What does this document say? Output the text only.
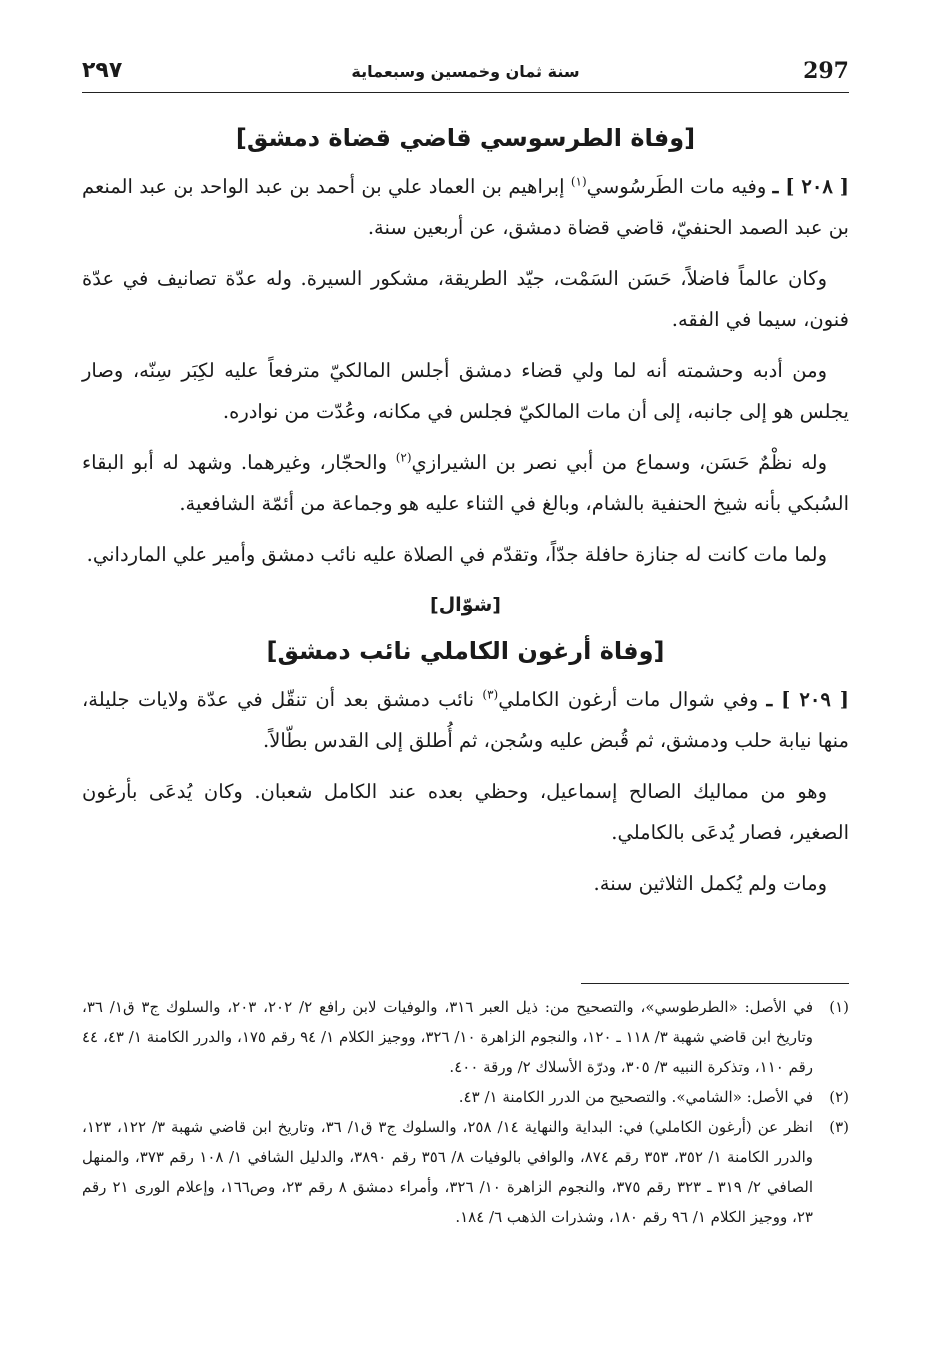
297
سنة ثمان وخمسين وسبعماية
٢٩٧
[وفاة الطرسوسي قاضي قضاة دمشق]

[ ٢٠٨ ] ـ وفيه مات الطَرسُوسي$^{(١)}$ إبراهيم بن العماد علي بن أحمد بن عبد الواحد بن عبد المنعم بن عبد الصمد الحنفيّ، قاضي قضاة دمشق، عن أربعين سنة.

وكان عالماً فاضلاً، حَسَن السَمْت، جيّد الطريقة، مشكور السيرة. وله عدّة تصانيف في عدّة فنون، سيما في الفقه.

ومن أدبه وحشمته أنه لما ولي قضاء دمشق أجلس المالكيّ مترفعاً عليه لكِبَر سِنّه، وصار يجلس هو إلى جانبه، إلى أن مات المالكيّ فجلس في مكانه، وعُدّت من نوادره.

وله نظْمٌ حَسَن، وسماع من أبي نصر بن الشيرازي$^{(٢)}$ والحجّار، وغيرهما. وشهد له أبو البقاء السُبكي بأنه شيخ الحنفية بالشام، وبالغ في الثناء عليه هو وجماعة من أئمّة الشافعية.

ولما مات كانت له جنازة حافلة جدّاً، وتقدّم في الصلاة عليه نائب دمشق وأمير علي المارداني.

[شوّال]
[وفاة أرغون الكاملي نائب دمشق]

[ ٢٠٩ ] ـ وفي شوال مات أرغون الكاملي$^{(٣)}$ نائب دمشق بعد أن تنقّل في عدّة ولايات جليلة، منها نيابة حلب ودمشق، ثم قُبض عليه وسُجن، ثم أُطلق إلى القدس بطّالاً.

وهو من مماليك الصالح إسماعيل، وحظي بعده عند الكامل شعبان. وكان يُدعَى بأرغون الصغير، فصار يُدعَى بالكاملي.

ومات ولم يُكمل الثلاثين سنة.

(١)
في الأصل: «الطرطوسي»، والتصحيح من: ذيل العبر ٣١٦، والوفيات لابن رافع ٢/ ٢٠٢، ٢٠٣، والسلوك ج٣ ق١/ ٣٦، وتاريخ ابن قاضي شهبة ٣/ ١١٨ ـ ١٢٠، والنجوم الزاهرة ١٠/ ٣٢٦، ووجيز الكلام ١/ ٩٤ رقم ١٧٥، والدرر الكامنة ١/ ٤٣، ٤٤ رقم ١١٠، وتذكرة النبيه ٣/ ٣٠٥، ودرّة الأسلاك ٢/ ورقة ٤٠٠.
(٢)
في الأصل: «الشامي». والتصحيح من الدرر الكامنة ١/ ٤٣.
(٣)
انظر عن (أرغون الكاملي) في: البداية والنهاية ١٤/ ٢٥٨، والسلوك ج٣ ق١/ ٣٦، وتاريخ ابن قاضي شهبة ٣/ ١٢٢، ١٢٣، والدرر الكامنة ١/ ٣٥٢، ٣٥٣ رقم ٨٧٤، والوافي بالوفيات ٨/ ٣٥٦ رقم ٣٨٩٠، والدليل الشافي ١/ ١٠٨ رقم ٣٧٣، والمنهل الصافي ٢/ ٣١٩ ـ ٣٢٣ رقم ٣٧٥، والنجوم الزاهرة ١٠/ ٣٢٦، وأمراء دمشق ٨ رقم ٢٣، وص١٦٦، وإعلام الورى ٢١ رقم ٢٣، ووجيز الكلام ١/ ٩٦ رقم ١٨٠، وشذرات الذهب ٦/ ١٨٤.
